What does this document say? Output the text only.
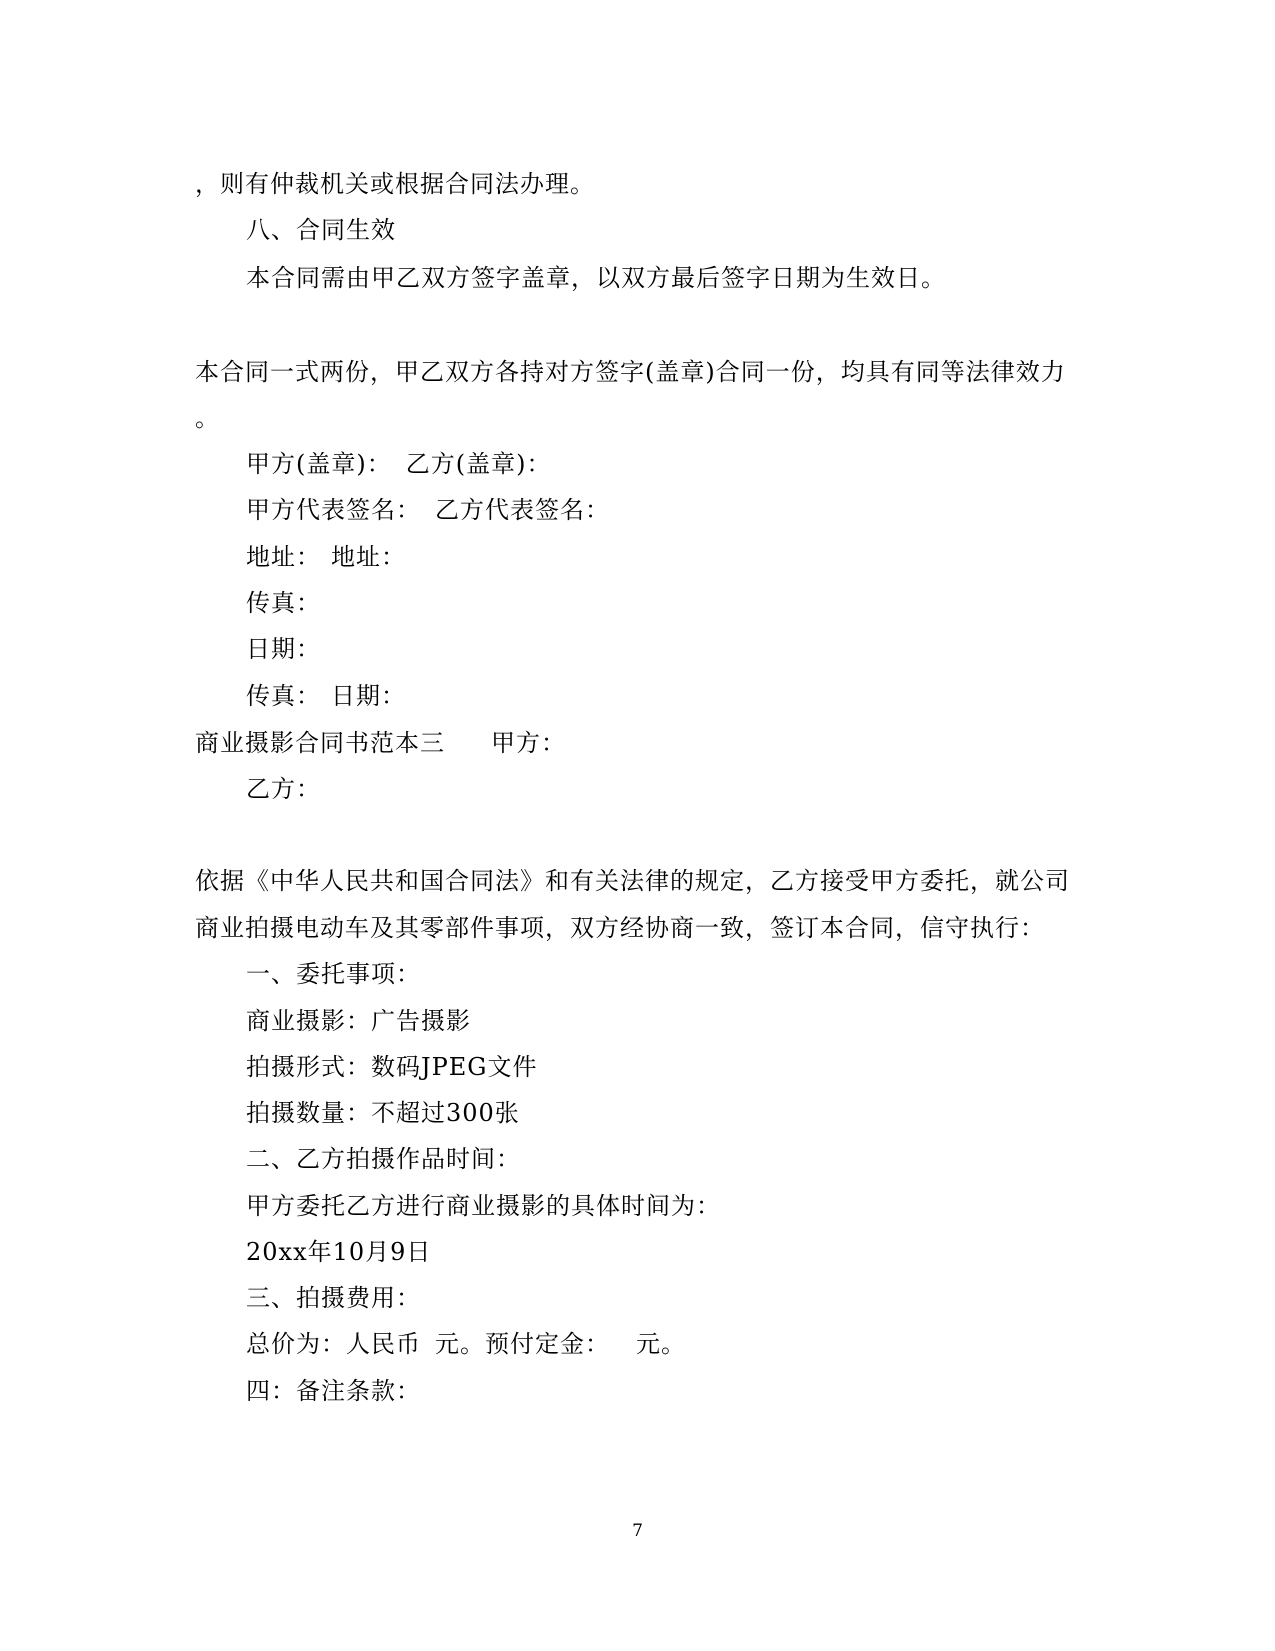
，则有仲裁机关或根据合同法办理。
八、合同生效
本合同需由甲乙双方签字盖章，以双方最后签字日期为生效日。
本合同一式两份，甲乙双方各持对方签字(盖章)合同一份，均具有同等法律效力
。
甲方(盖章)： 乙方(盖章)：
甲方代表签名： 乙方代表签名：
地址： 地址：
传真：
日期：
传真： 日期：
商业摄影合同书范本三 甲方：
乙方：
依据《中华人民共和国合同法》和有关法律的规定，乙方接受甲方委托，就公司
商业拍摄电动车及其零部件事项，双方经协商一致，签订本合同，信守执行：
一、委托事项：
商业摄影：广告摄影
拍摄形式：数码JPEG文件
拍摄数量：不超过300张
二、乙方拍摄作品时间：
甲方委托乙方进行商业摄影的具体时间为：
20xx年10月9日
三、拍摄费用：
总价为：人民币 元。预付定金： 元。
四：备注条款：
7
